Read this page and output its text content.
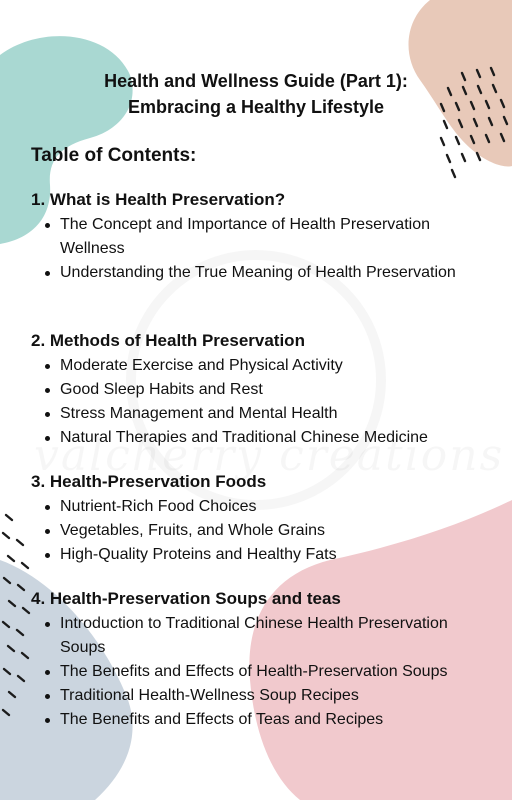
Health and Wellness Guide (Part 1):
Embracing a Healthy Lifestyle
Table of Contents:
1. What is Health Preservation?
The Concept and Importance of Health Preservation Wellness
Understanding the True Meaning of Health Preservation
2. Methods of Health Preservation
Moderate Exercise and Physical Activity
Good Sleep Habits and Rest
Stress Management and Mental Health
Natural Therapies and Traditional Chinese Medicine
3. Health-Preservation Foods
Nutrient-Rich Food Choices
Vegetables, Fruits, and Whole Grains
High-Quality Proteins and Healthy Fats
4. Health-Preservation Soups and teas
Introduction to Traditional Chinese Health Preservation Soups
The Benefits and Effects of Health-Preservation Soups
Traditional Health-Wellness Soup Recipes
The Benefits and Effects of Teas and Recipes
